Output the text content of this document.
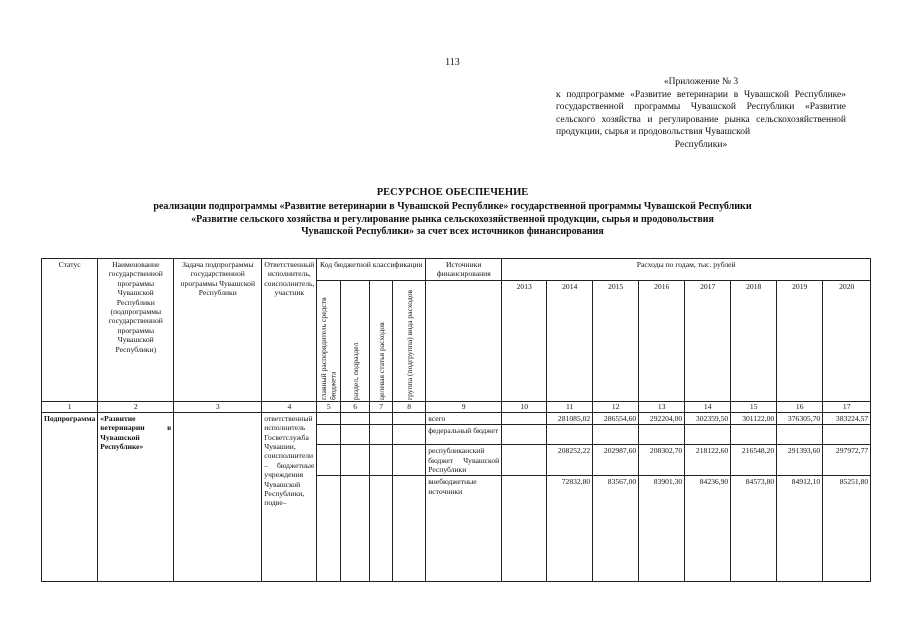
113
«Приложение № 3
к подпрограмме «Развитие ветеринарии в Чувашской Республике» государственной программы Чувашской Республики «Развитие сельского хозяйства и регулирование рынка сельскохозяйственной продукции, сырья и продовольствия Чувашской
Республики»
РЕСУРСНОЕ ОБЕСПЕЧЕНИЕ
реализации подпрограммы «Развитие ветеринарии в Чувашской Республике» государственной программы Чувашской Республики
«Развитие сельского хозяйства и регулирование рынка сельскохозяйственной продукции, сырья и продовольствия
Чувашской Республики» за счет всех источников финансирования
Статус	Наименование государственной программы Чувашской Республики (подпрограммы государственной программы Чувашской Республики)	Задача подпрограммы государственной программы Чувашской Республики	Ответственный исполнитель, соисполнитель, участник	Код бюджетной классификации				Источники финансирования	Расходы по годам, тыс. рублей							

				главный распорядитель средств бюджета	раздел, подраздел	целевая статья расходов	группа (подгруппа) вида расходов		2013	2014	2015	2016	2017	2018	2019	2020
1	2	3	4	5	6	7	8	9	10	11	12	13	14	15	16	17
Подпрограмма	«Развитие ветеринарии в Чувашской Республике»		ответственный исполнитель Госветслужба Чувашии, соисполнители – бюджетные учреждения Чувашской Республики, подве–					всего		281085,02	286554,60	292204,00	302359,50	301122,00	376305,70	383224,57
								федеральный бюджет								
								республиканский бюджет Чувашской Республики		208252,22	202987,60	208302,70	218122,60	216548,20	291393,60	297972,77
								внебюджетные источники		72832,80	83567,00	83901,30	84236,90	84573,80	84912,10	85251,80
